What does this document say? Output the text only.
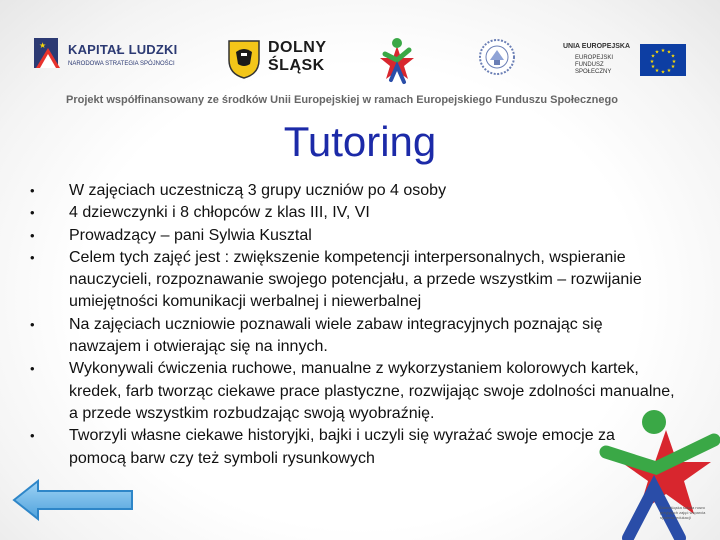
★ KAPITAŁ LUDZKI
NARODOWA STRATEGIA SPÓJNOŚCI
DOLNY
ŚLĄSK
UNIA EUROPEJSKA
EUROPEJSKI
FUNDUSZ
SPOŁECZNY
★ ★
★
★
★
★
★
★
★
★
★
★
Projekt współfinansowany ze środków Unii Europejskiej w ramach Europejskiego Funduszu Społecznego
Tutoring
• W zajęciach uczestniczą 3 grupy uczniów po 4 osoby
• 4 dziewczynki i 8 chłopców z klas III, IV, VI
• Prowadzący – pani Sylwia Kusztal
• Celem tych zajęć jest : zwiększenie kompetencji interpersonalnych, wspieranie nauczycieli, rozpoznawanie swojego potencjału, a przede wszystkim – rozwijanie umiejętności komunikacji werbalnej i niewerbalnej
• Na zajęciach uczniowie poznawali wiele zabaw integracyjnych poznając się nawzajem i otwierając się na innych.
• Wykonywali ćwiczenia ruchowe, manualne z wykorzystaniem kolorowych kartek, kredek, farb tworząc ciekawe prace plastyczne, rozwijając swoje zdolności manualne, a przede wszystkim rozbudzając swoją wyobraźnię.
• Tworzyli własne ciekawe historyjki, bajki i uczyli się wyrażać swoje emocje za pomocą barw czy też symboli rysunkowych
Dolnośląska szkoła nowo przyjętych zajęć wsparcia systemu edukacji
